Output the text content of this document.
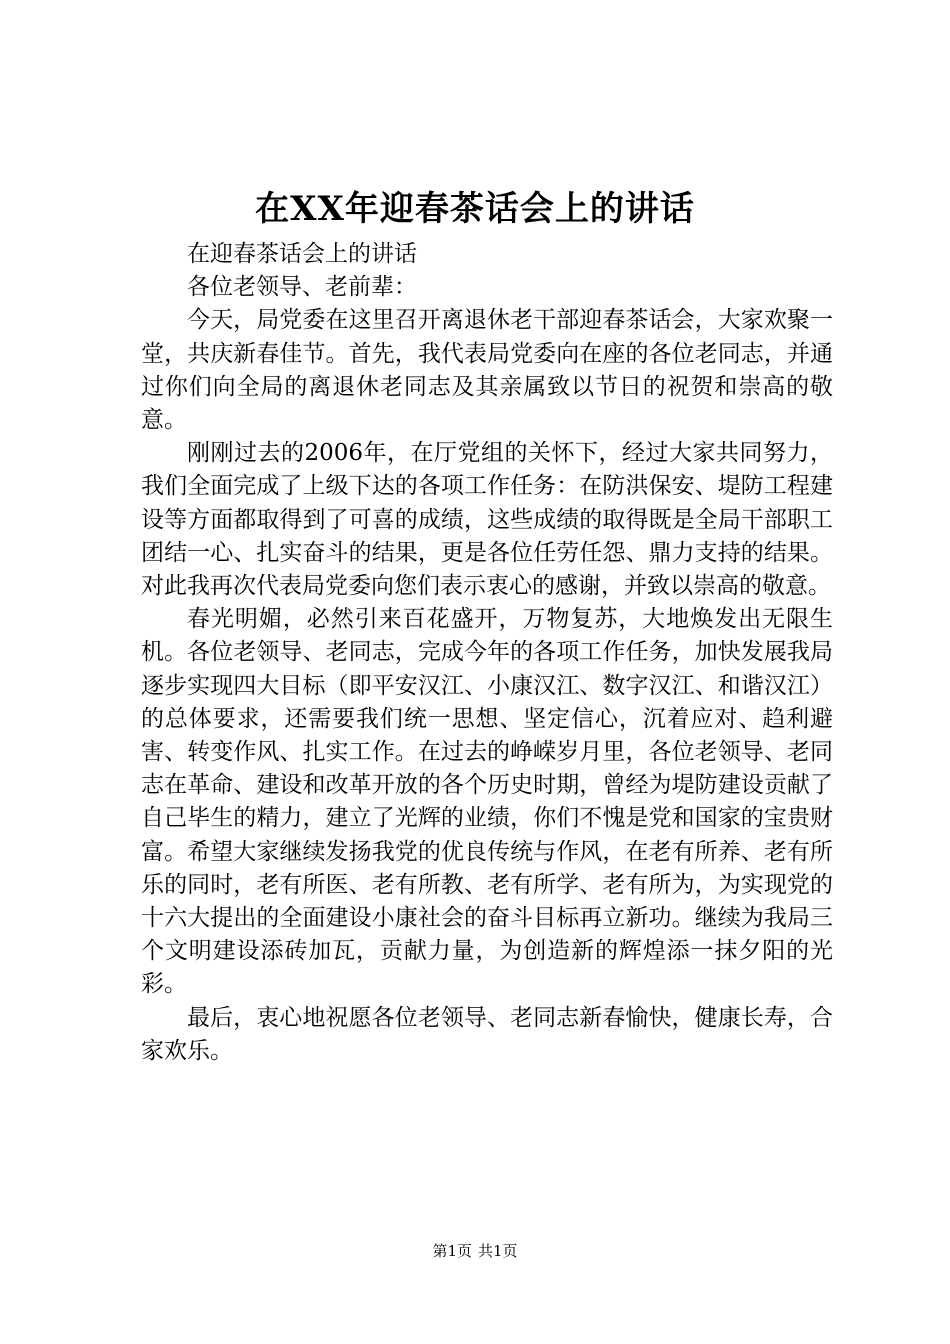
在XX年迎春茶话会上的讲话

在迎春茶话会上的讲话

各位老领导、老前辈：

今天，局党委在这里召开离退休老干部迎春茶话会，大家欢聚一堂，共庆新春佳节。首先，我代表局党委向在座的各位老同志，并通过你们向全局的离退休老同志及其亲属致以节日的祝贺和崇高的敬意。

刚刚过去的2006年，在厅党组的关怀下，经过大家共同努力，我们全面完成了上级下达的各项工作任务：在防洪保安、堤防工程建设等方面都取得到了可喜的成绩，这些成绩的取得既是全局干部职工团结一心、扎实奋斗的结果，更是各位任劳任怨、鼎力支持的结果。对此我再次代表局党委向您们表示衷心的感谢，并致以崇高的敬意。

春光明媚，必然引来百花盛开，万物复苏，大地焕发出无限生机。各位老领导、老同志，完成今年的各项工作任务，加快发展我局逐步实现四大目标（即平安汉江、小康汉江、数字汉江、和谐汉江）的总体要求，还需要我们统一思想、坚定信心，沉着应对、趋利避害、转变作风、扎实工作。在过去的峥嵘岁月里，各位老领导、老同志在革命、建设和改革开放的各个历史时期，曾经为堤防建设贡献了自己毕生的精力，建立了光辉的业绩，你们不愧是党和国家的宝贵财富。希望大家继续发扬我党的优良传统与作风，在老有所养、老有所乐的同时，老有所医、老有所教、老有所学、老有所为，为实现党的十六大提出的全面建设小康社会的奋斗目标再立新功。继续为我局三个文明建设添砖加瓦，贡献力量，为创造新的辉煌添一抹夕阳的光彩。

最后，衷心地祝愿各位老领导、老同志新春愉快，健康长寿，合家欢乐。

第1页 共1页
